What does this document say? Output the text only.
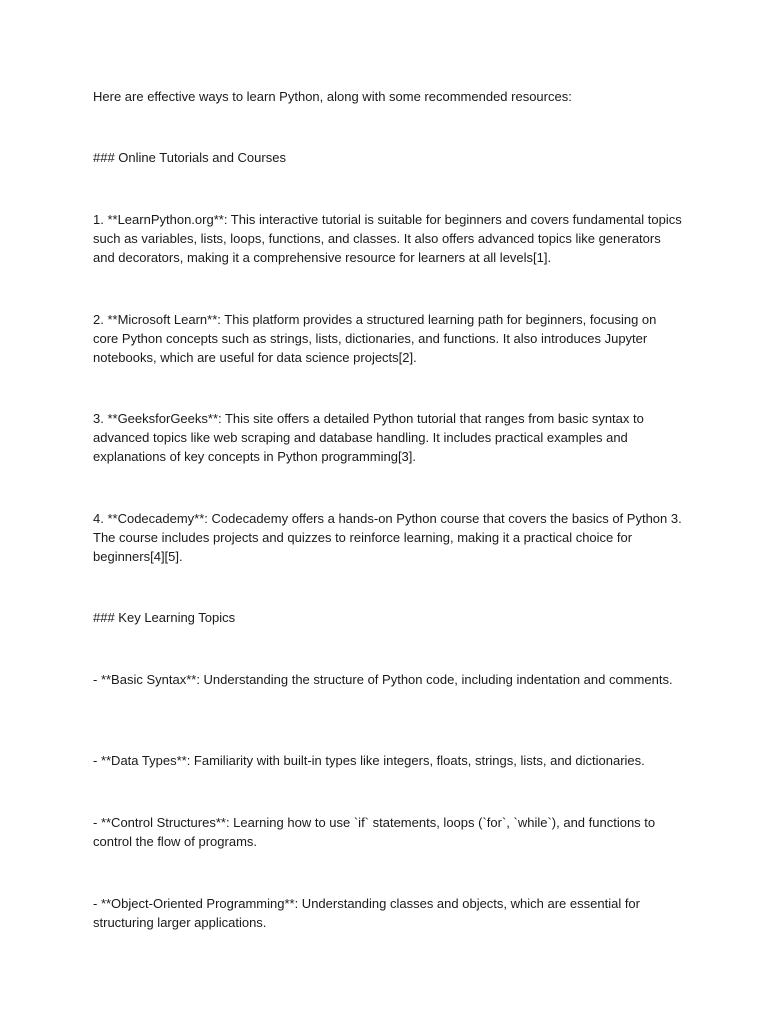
Here are effective ways to learn Python, along with some recommended resources:

### Online Tutorials and Courses

1. **LearnPython.org**: This interactive tutorial is suitable for beginners and covers fundamental topics such as variables, lists, loops, functions, and classes. It also offers advanced topics like generators and decorators, making it a comprehensive resource for learners at all levels[1].

2. **Microsoft Learn**: This platform provides a structured learning path for beginners, focusing on core Python concepts such as strings, lists, dictionaries, and functions. It also introduces Jupyter notebooks, which are useful for data science projects[2].

3. **GeeksforGeeks**: This site offers a detailed Python tutorial that ranges from basic syntax to advanced topics like web scraping and database handling. It includes practical examples and explanations of key concepts in Python programming[3].

4. **Codecademy**: Codecademy offers a hands-on Python course that covers the basics of Python 3. The course includes projects and quizzes to reinforce learning, making it a practical choice for beginners[4][5].

### Key Learning Topics

- **Basic Syntax**: Understanding the structure of Python code, including indentation and comments.

- **Data Types**: Familiarity with built-in types like integers, floats, strings, lists, and dictionaries.

- **Control Structures**: Learning how to use `if` statements, loops (`for`, `while`), and functions to control the flow of programs.

- **Object-Oriented Programming**: Understanding classes and objects, which are essential for structuring larger applications.
